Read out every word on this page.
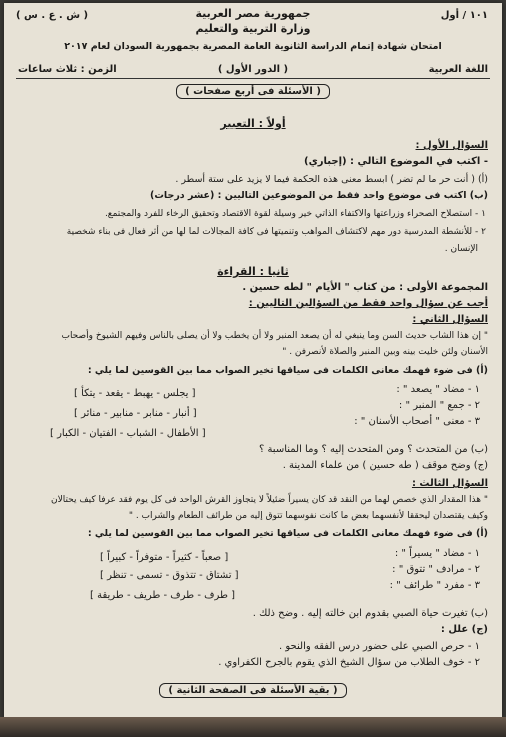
( ش . ع . س )	١٠١ / أول
جمهورية مصر العربية
وزارة التربية والتعليم
امتحان شهادة إتمام الدراسة الثانوية العامة المصرية بجمهورية السودان لعام ٢٠١٧
اللغة العربية
( الدور الأول )
الزمن : ثلاث ساعات
( الأسئلة فى أربع صفحات )
أولاً : التعبير
السؤال الأول :
- اكتب في الموضوع التالي : (إجباري)
(أ) ( أنت حر ما لم تضر ) ابسط معنى هذه الحكمة فيما لا يزيد على ستة أسطر .
(ب) اكتب فى موضوع واحد فقط من الموضوعين التاليين : (عشر درجات)
١ - استصلاح الصحراء وزراعتها والاكتفاء الذاتي خير وسيلة لقوة الاقتصاد وتحقيق الرخاء للفرد والمجتمع.
٢ - للأنشطة المدرسية دور مهم لاكتشاف المواهب وتنميتها فى كافة المجالات لما لها من أثر فعال فى بناء شخصية
الإنسان .
ثانيا : القراءة
المجموعة الأولى : من كتاب " الأيام " لطه حسين .
أجب عن سؤال واحد فقط من السؤالين التاليين :
السؤال الثاني :
" إن هذا الشاب حديث السن وما ينبغي له أن يصعد المنبر ولا أن يخطب ولا أن يصلى بالناس وفيهم الشيوخ وأصحاب
الأسنان ولئن خليت بينه وبين المنبر والصلاة لأنصرفن . "
(أ) فى ضوء فهمك معانى الكلمات فى سياقها تخير الصواب مما بين القوسين لما يلي :
١ - مضاد " يصعد " :
[ يجلس - يهبط - يقعد - يتكأ ]
٢ - جمع " المنبر " :
[ أنبار - منابر - منابير - منائر ]
٣ - معنى " أصحاب الأسنان " :
[ الأطفال - الشباب - الفتيان - الكبار ]
(ب) من المتحدث ؟ ومن المتحدث إليه ؟ وما المناسبة ؟
(ج) وضح موقف ( طه حسين ) من علماء المدينة .
السؤال الثالث :
" هذا المقدار الذي خصص لهما من النقد قد كان يسيراً ضئيلاً لا يتجاوز القرش الواحد فى كل يوم فقد عرفا كيف يحتالان
وكيف يقتصدان ليحققا لأنفسهما بعض ما كانت نفوسهما تتوق إليه من طرائف الطعام والشراب . "
(أ) فى ضوء فهمك معانى الكلمات فى سياقها تخير الصواب مما بين القوسين لما يلي :
١ - مضاد " يسيراً " :
[ صعباً - كثيراً - متوفراً - كبيراً ]
٢ - مرادف " تتوق " :
[ تشتاق - تتذوق - تسمى - تنظر ]
٣ - مفرد " طرائف " :
[ طرف - طرف - طريف - طريقة ]
(ب) تغيرت حياة الصبي بقدوم ابن خالته إليه . وضح ذلك .
(ج) علل :
١ - حرص الصبي على حضور درس الفقه والنحو .
٢ - خوف الطلاب من سؤال الشيخ الذي يقوم بالجرح الكفراوي .
( بقية الأسئلة فى الصفحة الثانية )
